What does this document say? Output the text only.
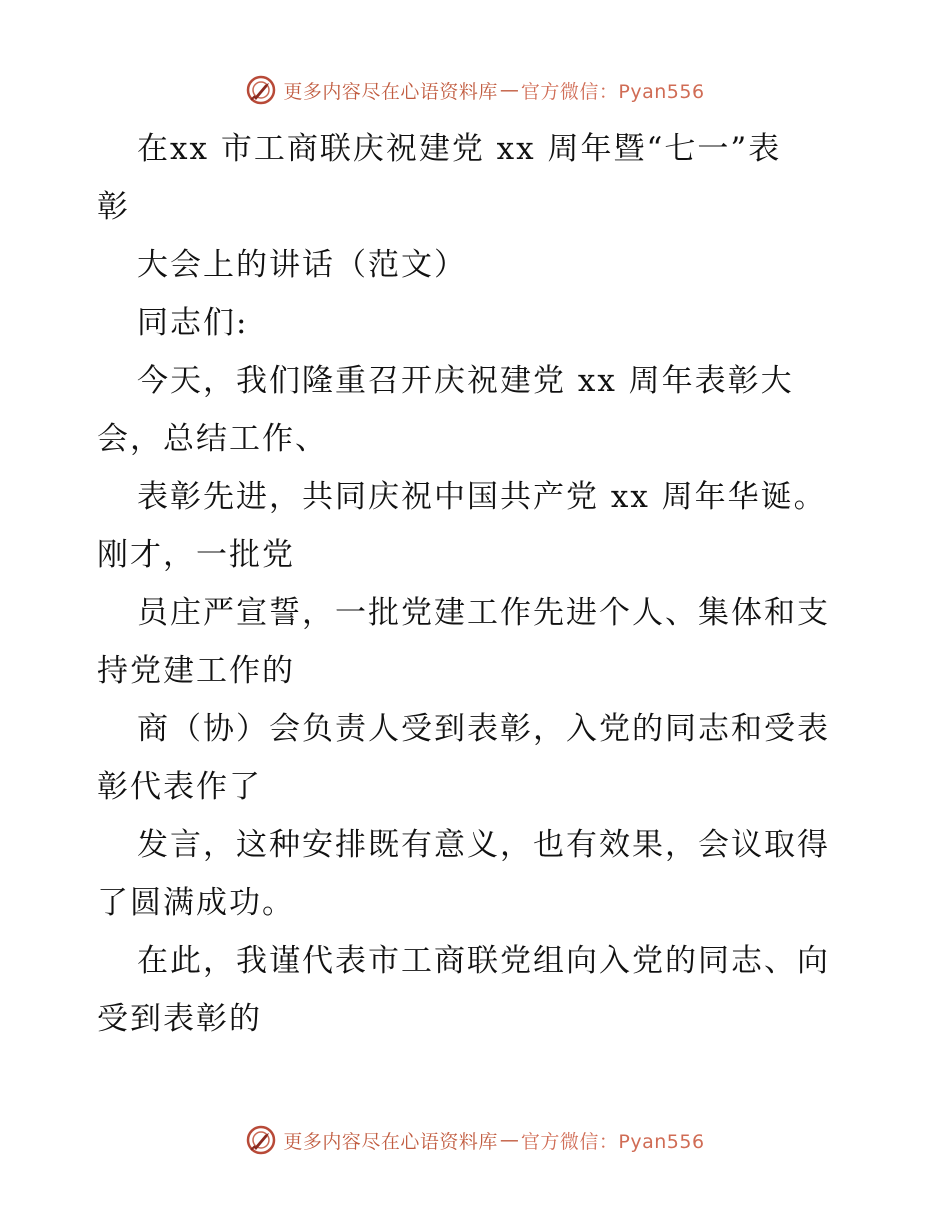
更多内容尽在心语资料库 — 官方微信：Pyan556
在xx 市工商联庆祝建党 xx 周年暨“七一”表
彰
大会上的讲话（范文）
同志们:
今天，我们隆重召开庆祝建党 xx 周年表彰大
会，总结工作、
表彰先进，共同庆祝中国共产党 xx 周年华诞。
刚才，一批党
员庄严宣誓，一批党建工作先进个人、集体和支
持党建工作的
商（协）会负责人受到表彰，入党的同志和受表
彰代表作了
发言，这种安排既有意义，也有效果，会议取得
了圆满成功。
在此，我谨代表市工商联党组向入党的同志、向
受到表彰的
更多内容尽在心语资料库 — 官方微信：Pyan556
